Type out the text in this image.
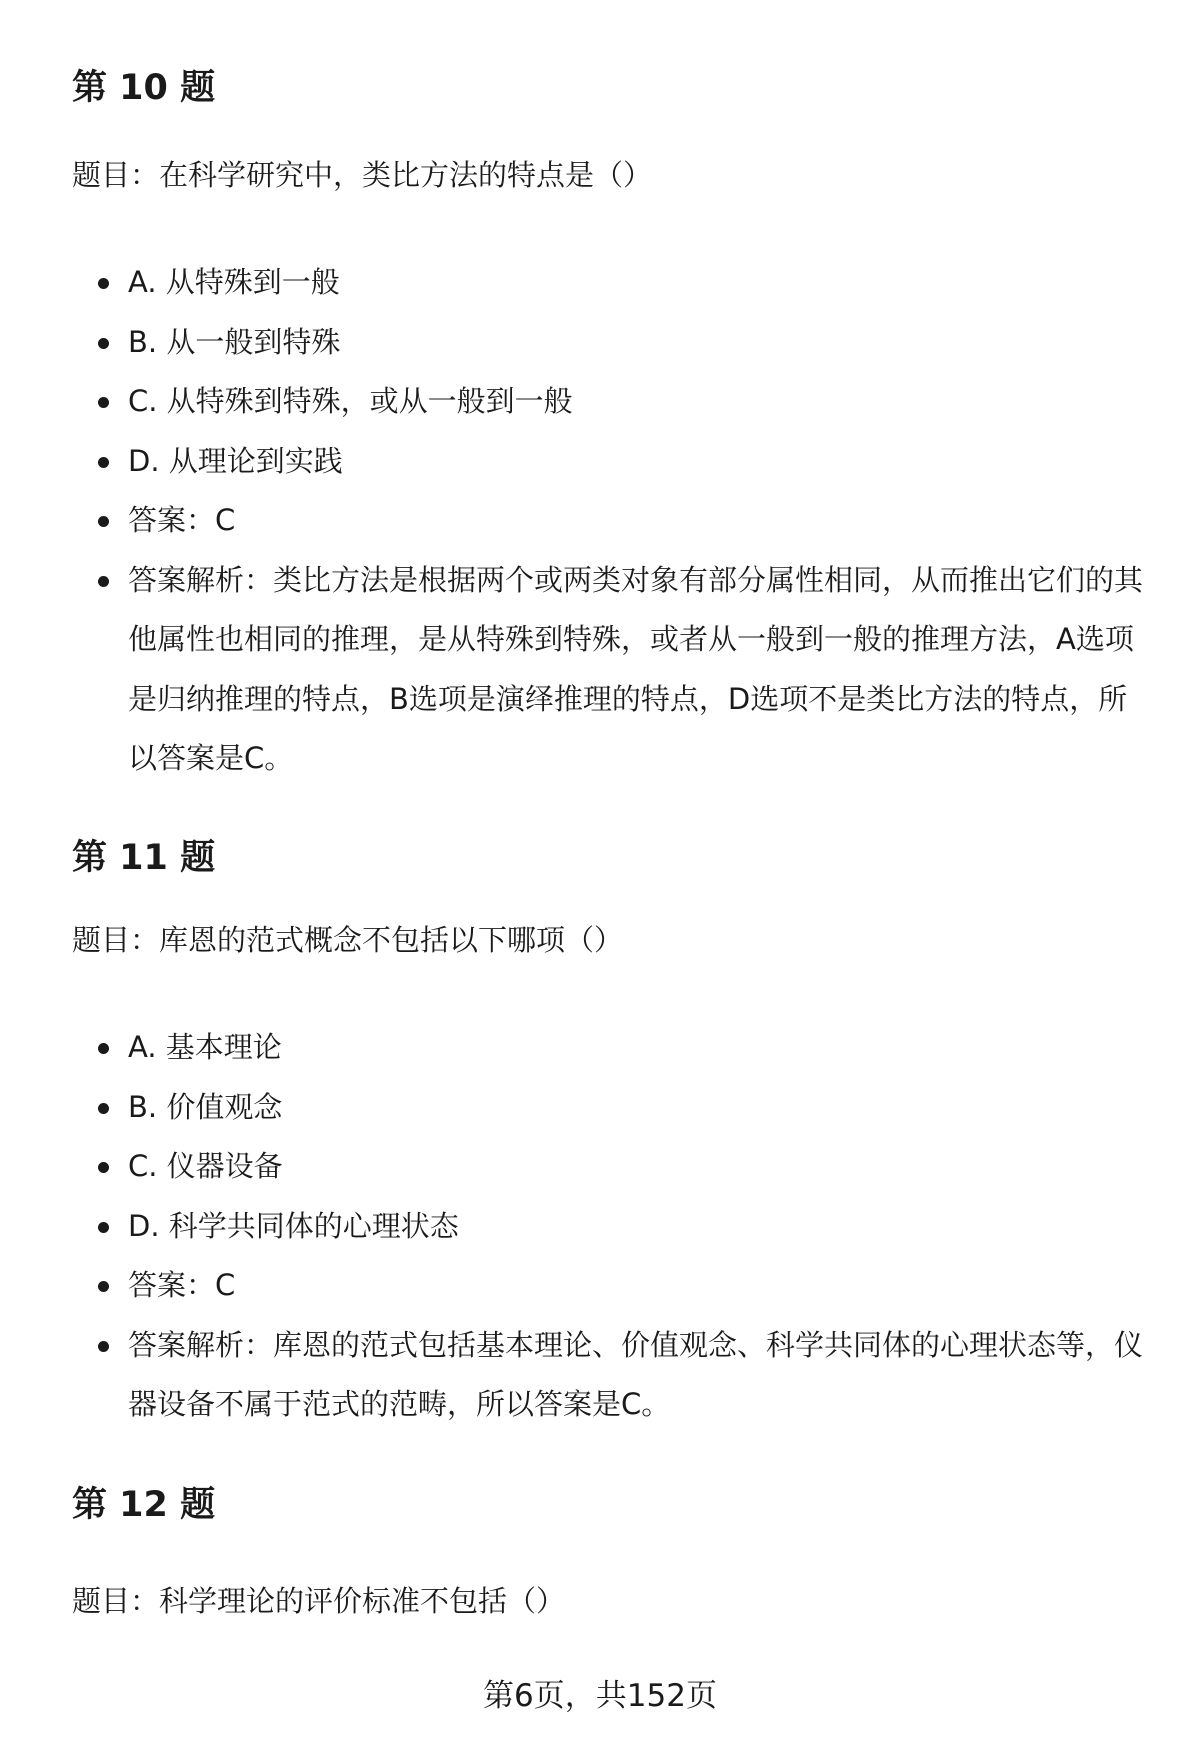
第 10 题

题目：在科学研究中，类比方法的特点是（）

A. 从特殊到一般
B. 从一般到特殊
C. 从特殊到特殊，或从一般到一般
D. 从理论到实践
答案：C
答案解析：类比方法是根据两个或两类对象有部分属性相同，从而推出它们的其他属性也相同的推理，是从特殊到特殊，或者从一般到一般的推理方法，A选项是归纳推理的特点，B选项是演绎推理的特点，D选项不是类比方法的特点，所以答案是C。
第 11 题

题目：库恩的范式概念不包括以下哪项（）

A. 基本理论
B. 价值观念
C. 仪器设备
D. 科学共同体的心理状态
答案：C
答案解析：库恩的范式包括基本理论、价值观念、科学共同体的心理状态等，仪器设备不属于范式的范畴，所以答案是C。
第 12 题

题目：科学理论的评价标准不包括（）

第6页，共152页
